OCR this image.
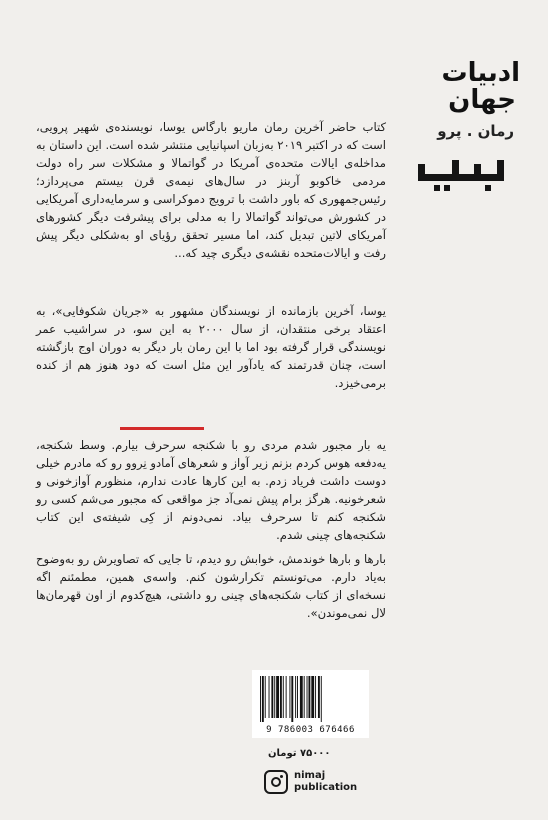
ادبیات
جهان
رمان . پرو
کتاب حاضر آخرین رمان ماریو بارگاس یوسا، نویسنده‌ی شهیر پرویی، است که در اکتبر ۲۰۱۹ به‌زبان اسپانیایی منتشر شده است. این داستان به مداخله‌ی ایالات متحده‌ی آمریکا در گواتمالا و مشکلات سر راه دولت مردمی خاکوبو آربنز در سال‌های نیمه‌ی قرن بیستم می‌پردازد؛ رئیس‌جمهوری که باور داشت با ترویج دموکراسی و سرمایه‌داری آمریکایی در کشورش می‌تواند گواتمالا را به مدلی برای پیشرفت دیگر کشورهای آمریکای لاتین تبدیل کند، اما مسیر تحقق رؤیای او به‌شکلی دیگر پیش رفت و ایالات‌متحده نقشه‌ی دیگری چید که...
یوسا، آخرین بازمانده از نویسندگان مشهور به «جریان شکوفایی»، به اعتقاد برخی منتقدان، از سال ۲۰۰۰ به این سو، در سراشیب عمر نویسندگی قرار گرفته بود اما با این رمان بار دیگر به دوران اوج بازگشته است، چنان قدرتمند که یادآور این مثل است که دود هنوز هم از کنده برمی‌خیزد.

یه بار مجبور شدم مردی رو با شکنجه سرحرف بیارم. وسط شکنجه، یه‌دفعه هوس کردم بزنم زیر آواز و شعرهای آمادو نِروو رو که مادرم خیلی دوست داشت فریاد زدم. به این کارها عادت ندارم، منظورم آوازخونی و شعرخونیه. هرگز برام پیش نمی‌آد جز مواقعی که مجبور می‌شم کسی رو شکنجه کنم تا سرحرف بیاد. نمی‌دونم از کِی شیفته‌ی این کتاب شکنجه‌های چینی شدم.

بارها و بارها خوندمش، خوابش رو دیدم، تا جایی که تصاویرش رو به‌وضوح به‌یاد دارم. می‌تونستم تکرارشون کنم. واسه‌ی همین، مطمئنم اگه نسخه‌ای از کتاب شکنجه‌های چینی رو داشتی، هیچ‌کدوم از اون قهرمان‌ها لال نمی‌موندن».

9 786003 676466
۷۵۰۰۰ تومان
nimaj
publication
